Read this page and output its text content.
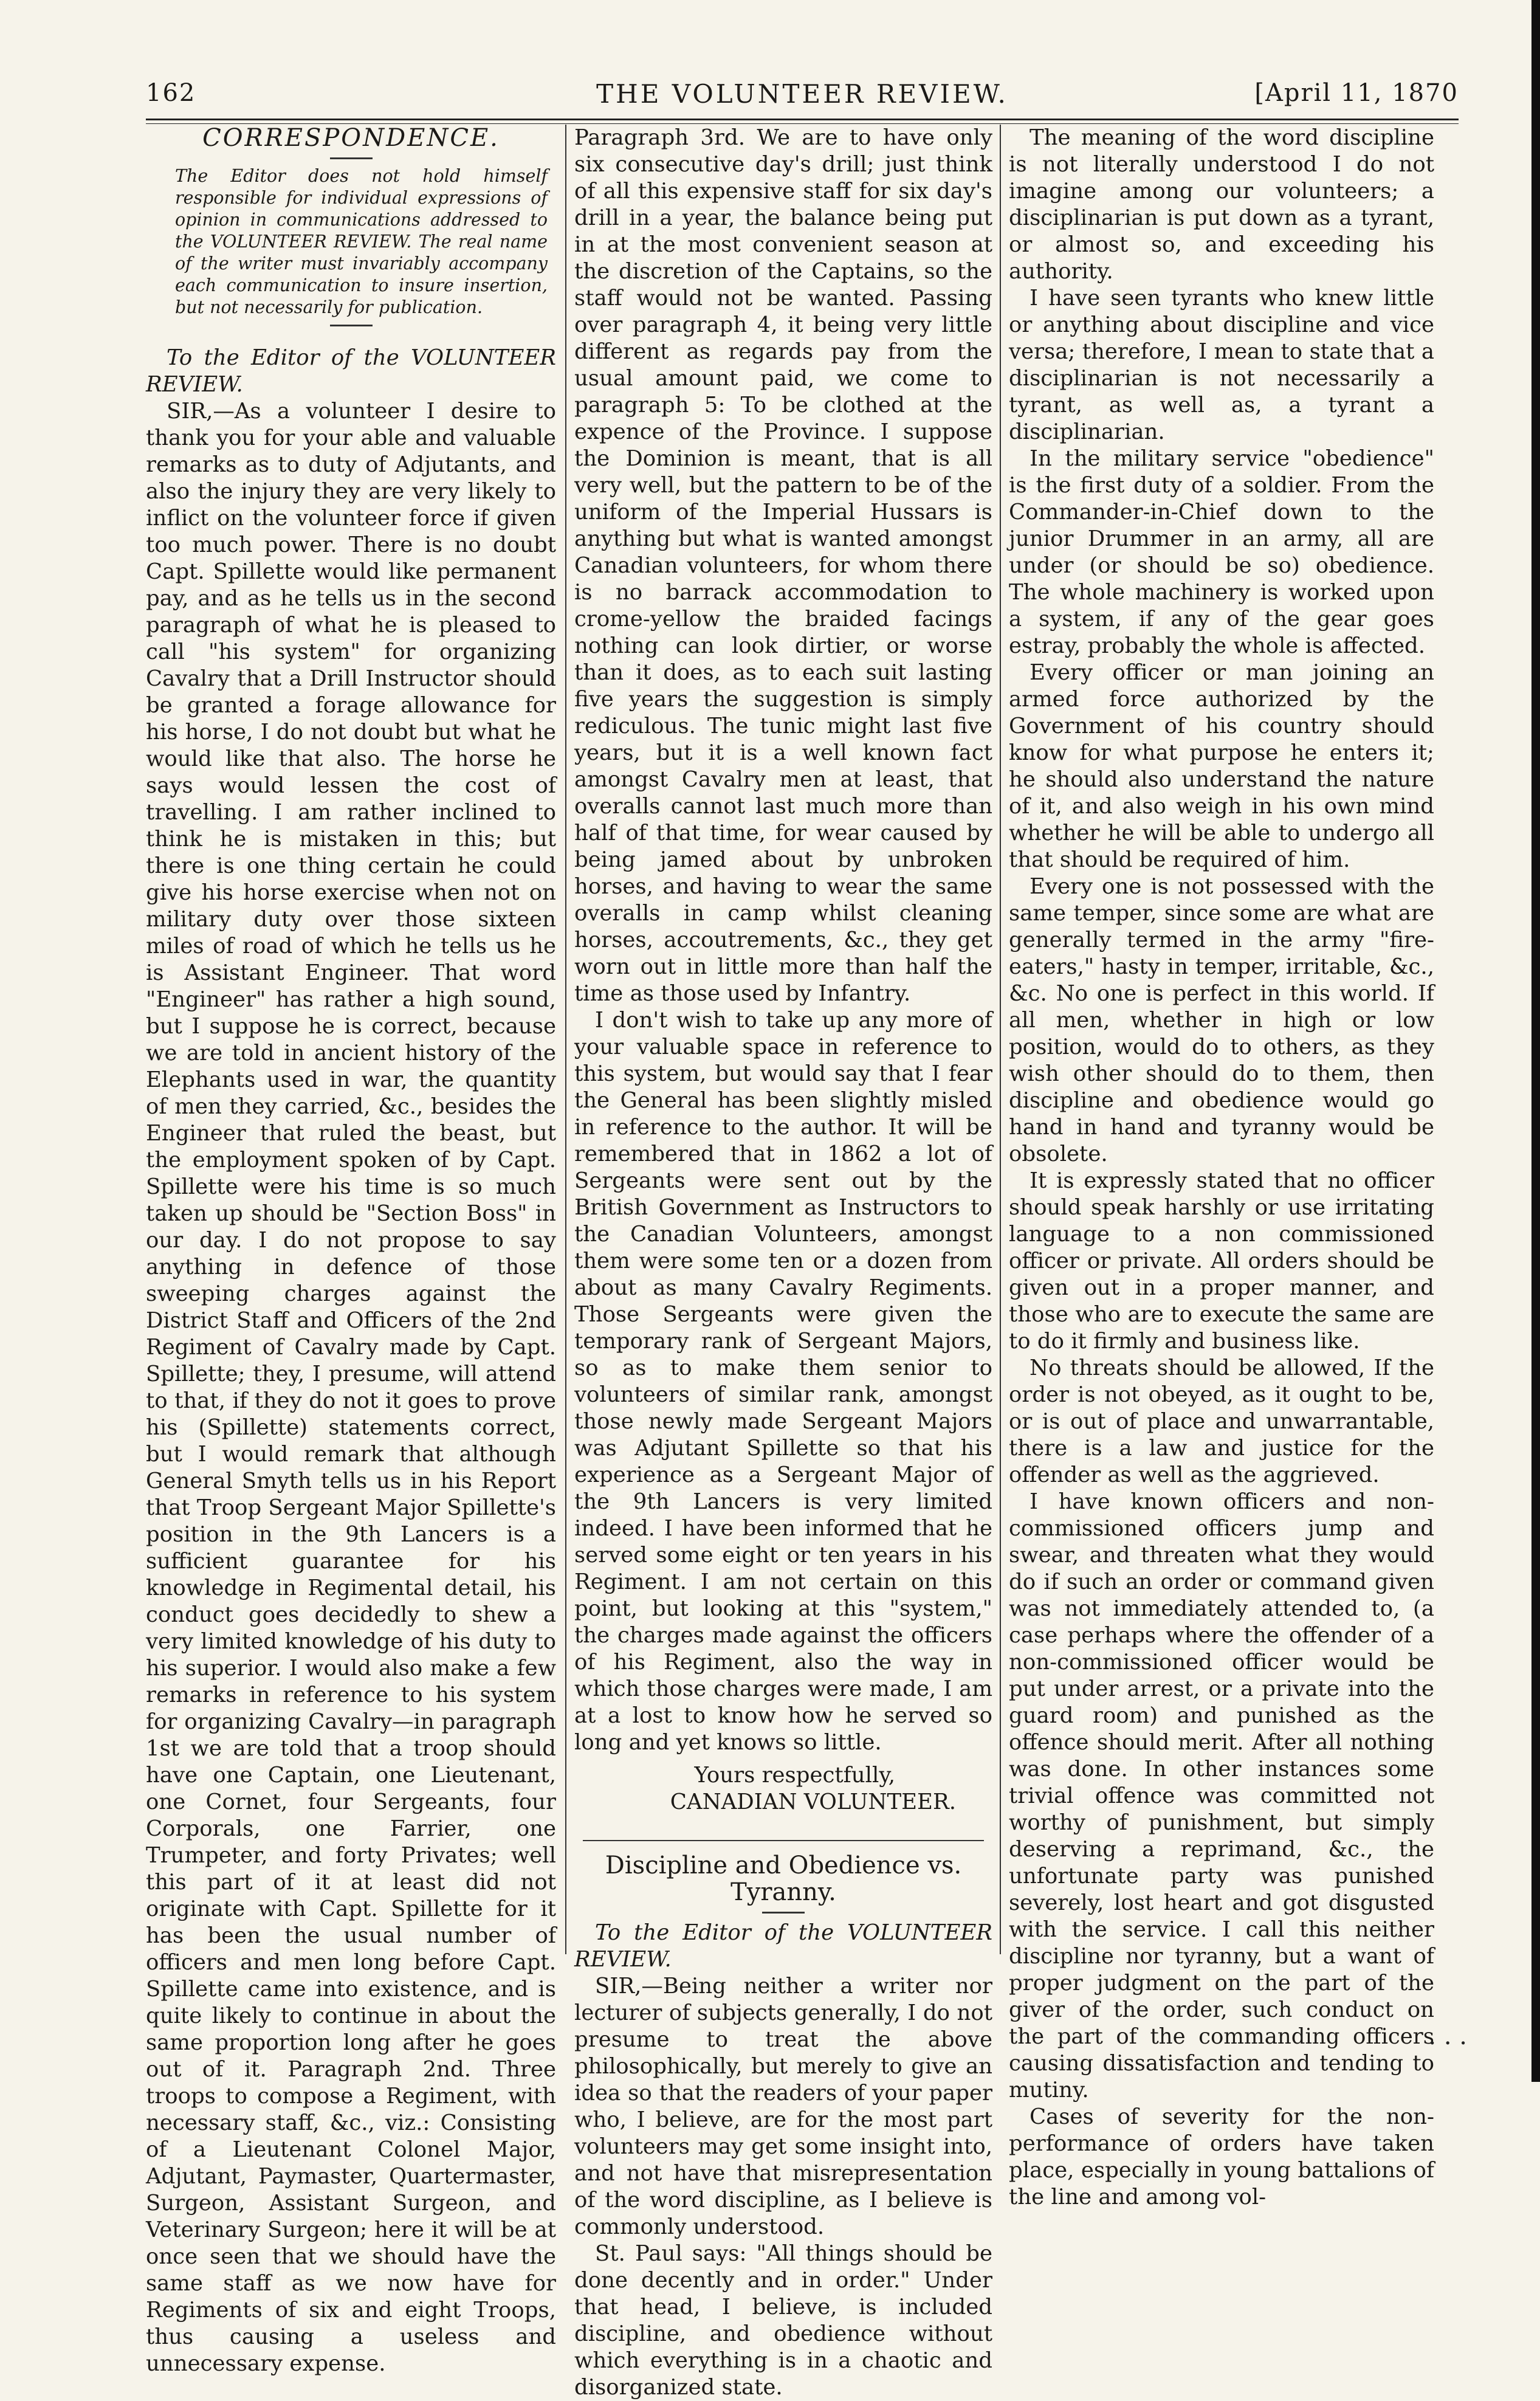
162	THE VOLUNTEER REVIEW.	[April 11, 1870

CORRESPONDENCE.

The Editor does not hold himself responsible for individual expressions of opinion in communications addressed to the VOLUNTEER REVIEW. The real name of the writer must invariably accompany each communication to insure insertion, but not necessarily for publication.

To the Editor of the VOLUNTEER REVIEW.

SIR,—As a volunteer I desire to thank you for your able and valuable remarks as to duty of Adjutants, and also the injury they are very likely to inflict on the volunteer force if given too much power. There is no doubt Capt. Spillette would like permanent pay, and as he tells us in the second paragraph of what he is pleased to call "his system" for organizing Cavalry that a Drill Instructor should be granted a forage allowance for his horse, I do not doubt but what he would like that also. The horse he says would lessen the cost of travelling. I am rather inclined to think he is mistaken in this; but there is one thing certain he could give his horse exercise when not on military duty over those sixteen miles of road of which he tells us he is Assistant Engineer. That word "Engineer" has rather a high sound, but I suppose he is correct, because we are told in ancient history of the Elephants used in war, the quantity of men they carried, &c., besides the Engineer that ruled the beast, but the employment spoken of by Capt. Spillette were his time is so much taken up should be "Section Boss" in our day. I do not propose to say anything in defence of those sweeping charges against the District Staff and Officers of the 2nd Regiment of Cavalry made by Capt. Spillette; they, I presume, will attend to that, if they do not it goes to prove his (Spillette) statements correct, but I would remark that although General Smyth tells us in his Report that Troop Sergeant Major Spillette's position in the 9th Lancers is a sufficient guarantee for his knowledge in Regimental detail, his conduct goes decidedly to shew a very limited knowledge of his duty to his superior. I would also make a few remarks in reference to his system for organizing Cavalry—in paragraph 1st we are told that a troop should have one Captain, one Lieutenant, one Cornet, four Sergeants, four Corporals, one Farrier, one Trumpeter, and forty Privates; well this part of it at least did not originate with Capt. Spillette for it has been the usual number of officers and men long before Capt. Spillette came into existence, and is quite likely to continue in about the same proportion long after he goes out of it. Paragraph 2nd. Three troops to compose a Regiment, with necessary staff, &c., viz.: Consisting of a Lieutenant Colonel Major, Adjutant, Paymaster, Quartermaster, Surgeon, Assistant Surgeon, and Veterinary Surgeon; here it will be at once seen that we should have the same staff as we now have for Regiments of six and eight Troops, thus causing a useless and unnecessary expense.

Paragraph 3rd. We are to have only six consecutive day's drill; just think of all this expensive staff for six day's drill in a year, the balance being put in at the most convenient season at the discretion of the Captains, so the staff would not be wanted. Passing over paragraph 4, it being very little different as regards pay from the usual amount paid, we come to paragraph 5: To be clothed at the expence of the Province. I suppose the Dominion is meant, that is all very well, but the pattern to be of the uniform of the Imperial Hussars is anything but what is wanted amongst Canadian volunteers, for whom there is no barrack accommodation to crome-yellow the braided facings nothing can look dirtier, or worse than it does, as to each suit lasting five years the suggestion is simply rediculous. The tunic might last five years, but it is a well known fact amongst Cavalry men at least, that overalls cannot last much more than half of that time, for wear caused by being jamed about by unbroken horses, and having to wear the same overalls in camp whilst cleaning horses, accoutrements, &c., they get worn out in little more than half the time as those used by Infantry.

I don't wish to take up any more of your valuable space in reference to this system, but would say that I fear the General has been slightly misled in reference to the author. It will be remembered that in 1862 a lot of Sergeants were sent out by the British Government as Instructors to the Canadian Volunteers, amongst them were some ten or a dozen from about as many Cavalry Regiments. Those Sergeants were given the temporary rank of Sergeant Majors, so as to make them senior to volunteers of similar rank, amongst those newly made Sergeant Majors was Adjutant Spillette so that his experience as a Sergeant Major of the 9th Lancers is very limited indeed. I have been informed that he served some eight or ten years in his Regiment. I am not certain on this point, but looking at this "system," the charges made against the officers of his Regiment, also the way in which those charges were made, I am at a lost to know how he served so long and yet knows so little.

Yours respectfully,

CANADIAN VOLUNTEER.

Discipline and Obedience vs. Tyranny.

To the Editor of the VOLUNTEER REVIEW.

SIR,—Being neither a writer nor lecturer of subjects generally, I do not presume to treat the above philosophically, but merely to give an idea so that the readers of your paper who, I believe, are for the most part volunteers may get some insight into, and not have that misrepresentation of the word discipline, as I believe is commonly understood.

St. Paul says: "All things should be done decently and in order." Under that head, I believe, is included discipline, and obedience without which everything is in a chaotic and disorganized state.

The meaning of the word discipline is not literally understood I do not imagine among our volunteers; a disciplinarian is put down as a tyrant, or almost so, and exceeding his authority.

I have seen tyrants who knew little or anything about discipline and vice versa; therefore, I mean to state that a disciplinarian is not necessarily a tyrant, as well as, a tyrant a disciplinarian.

In the military service "obedience" is the first duty of a soldier. From the Commander-in-Chief down to the junior Drummer in an army, all are under (or should be so) obedience. The whole machinery is worked upon a system, if any of the gear goes estray, probably the whole is affected.

Every officer or man joining an armed force authorized by the Government of his country should know for what purpose he enters it; he should also understand the nature of it, and also weigh in his own mind whether he will be able to undergo all that should be required of him.

Every one is not possessed with the same temper, since some are what are generally termed in the army "fire-eaters," hasty in temper, irritable, &c., &c. No one is perfect in this world. If all men, whether in high or low position, would do to others, as they wish other should do to them, then discipline and obedience would go hand in hand and tyranny would be obsolete.

It is expressly stated that no officer should speak harshly or use irritating language to a non commissioned officer or private. All orders should be given out in a proper manner, and those who are to execute the same are to do it firmly and business like.

No threats should be allowed, If the order is not obeyed, as it ought to be, or is out of place and unwarrantable, there is a law and justice for the offender as well as the aggrieved.

I have known officers and non-commissioned officers jump and swear, and threaten what they would do if such an order or command given was not immediately attended to, (a case perhaps where the offender of a non-commissioned officer would be put under arrest, or a private into the guard room) and punished as the offence should merit. After all nothing was done. In other instances some trivial offence was committed not worthy of punishment, but simply deserving a reprimand, &c., the unfortunate party was punished severely, lost heart and got disgusted with the service. I call this neither discipline nor tyranny, but a want of proper judgment on the part of the giver of the order, such conduct on the part of the commanding officers causing dissatisfaction and tending to mutiny.

Cases of severity for the non-performance of orders have taken place, especially in young battalions of the line and among vol-

· · ·
